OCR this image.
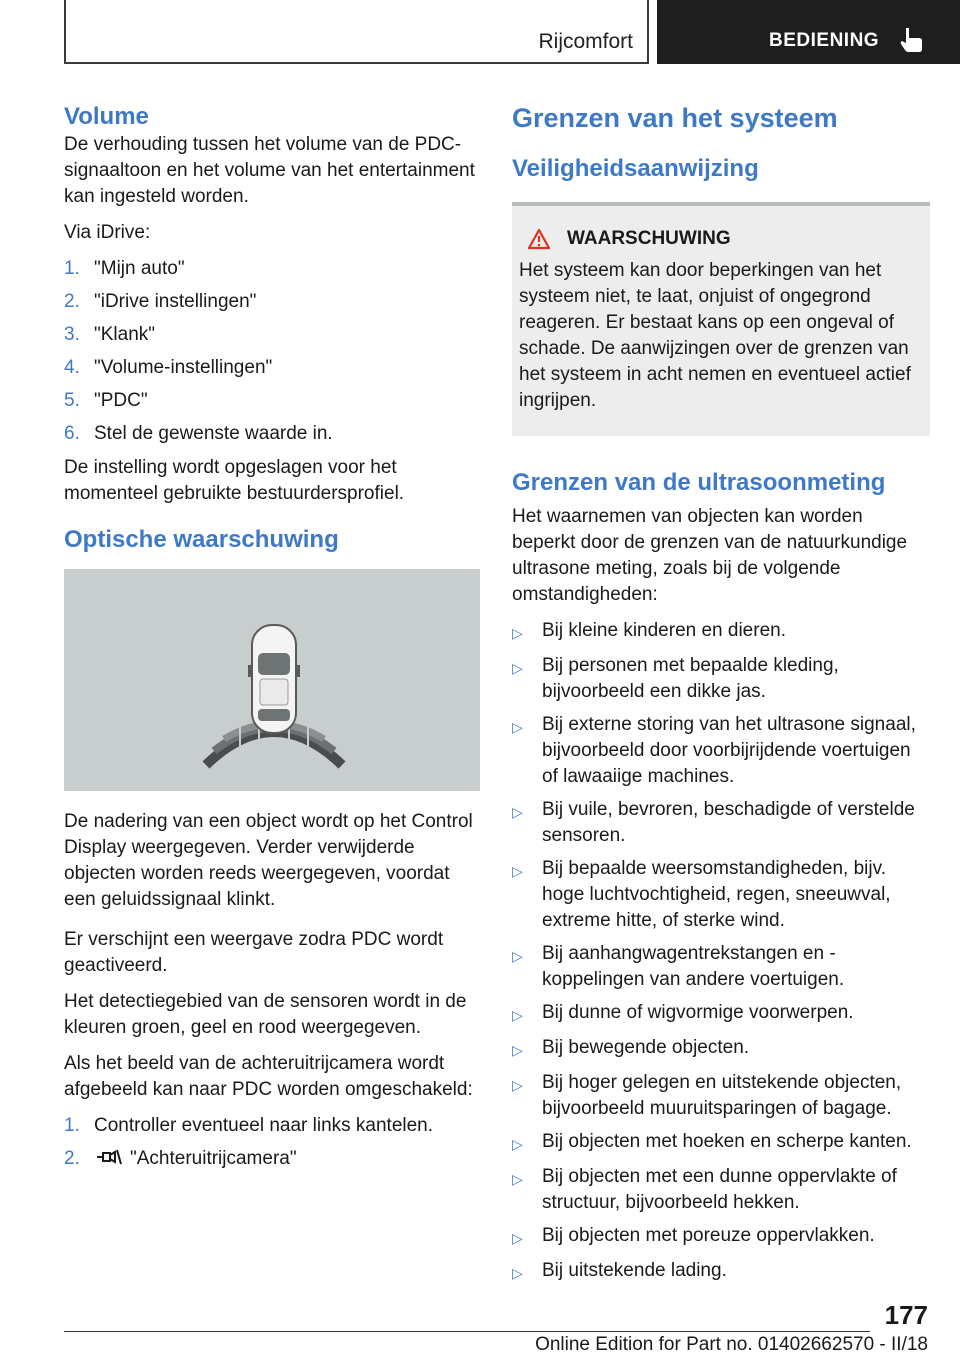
Rijcomfort	BEDIENING
Volume

De verhouding tussen het volume van de PDC-signaaltoon en het volume van het entertainment kan ingesteld worden.

Via iDrive:

1. "Mijn auto"
2. "iDrive instellingen"
3. "Klank"
4. "Volume-instellingen"
5. "PDC"
6. Stel de gewenste waarde in.

De instelling wordt opgeslagen voor het momenteel gebruikte bestuurdersprofiel.

Optische waarschuwing

De nadering van een object wordt op het Control Display weergegeven. Verder verwijderde objecten worden reeds weergegeven, voordat een geluidssignaal klinkt.

Er verschijnt een weergave zodra PDC wordt geactiveerd.

Het detectiegebied van de sensoren wordt in de kleuren groen, geel en rood weergegeven.

Als het beeld van de achteruitrijcamera wordt afgebeeld kan naar PDC worden omgeschakeld:

1. Controller eventueel naar links kantelen.
2.	"Achteruitrijcamera"
Grenzen van het systeem
Veiligheidsaanwijzing
WAARSCHUWING

Het systeem kan door beperkingen van het systeem niet, te laat, onjuist of ongegrond reageren. Er bestaat kans op een ongeval of schade. De aanwijzingen over de grenzen van het systeem in acht nemen en eventueel actief ingrijpen.

Grenzen van de ultrasoonmeting

Het waarnemen van objecten kan worden beperkt door de grenzen van de natuurkundige ultrasone meting, zoals bij de volgende omstandigheden:

▷	Bij kleine kinderen en dieren.
▷	Bij personen met bepaalde kleding, bijvoorbeeld een dikke jas.
▷	Bij externe storing van het ultrasone signaal, bijvoorbeeld door voorbijrijdende voertuigen of lawaaiige machines.
▷	Bij vuile, bevroren, beschadigde of verstelde sensoren.
▷	Bij bepaalde weersomstandigheden, bijv. hoge luchtvochtigheid, regen, sneeuwval, extreme hitte, of sterke wind.
▷	Bij aanhangwagentrekstangen en -koppelingen van andere voertuigen.
▷	Bij dunne of wigvormige voorwerpen.
▷	Bij bewegende objecten.
▷	Bij hoger gelegen en uitstekende objecten, bijvoorbeeld muuruitsparingen of bagage.
▷	Bij objecten met hoeken en scherpe kanten.
▷	Bij objecten met een dunne oppervlakte of structuur, bijvoorbeeld hekken.
▷	Bij objecten met poreuze oppervlakken.
▷	Bij uitstekende lading.
177
Online Edition for Part no. 01402662570 - II/18
